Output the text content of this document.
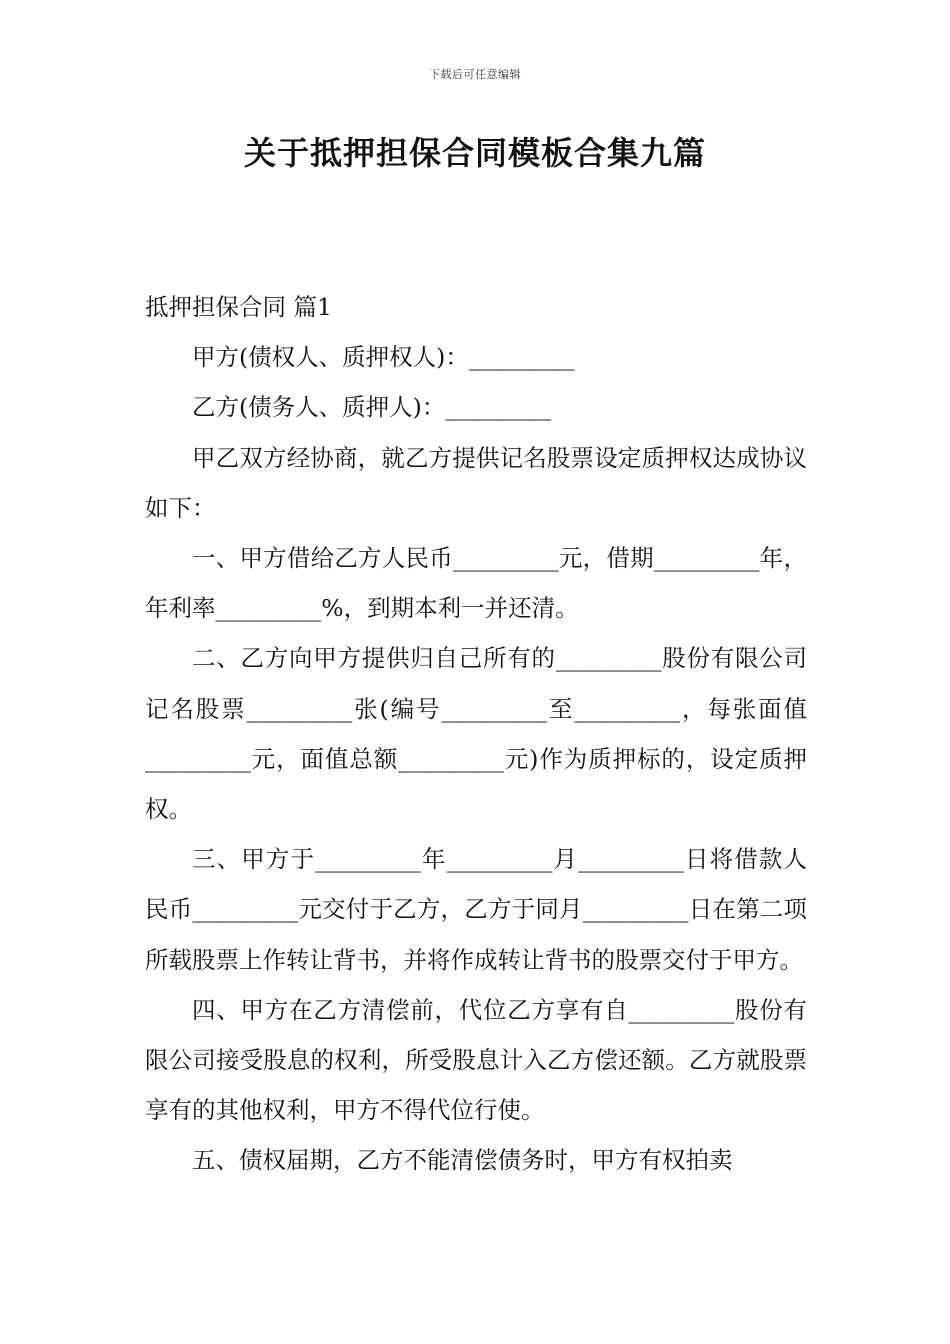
下载后可任意编辑
关于抵押担保合同模板合集九篇

抵押担保合同 篇1

甲方(债权人、质押权人)：_________

乙方(债务人、质押人)：_________

甲乙双方经协商，就乙方提供记名股票设定质押权达成协议如下：

一、甲方借给乙方人民币_________元，借期_________年，年利率_________%，到期本利一并还清。

二、乙方向甲方提供归自己所有的_________股份有限公司记名股票_________张(编号_________至_________，每张面值_________元，面值总额_________元)作为质押标的，设定质押权。

三、甲方于_________年_________月_________日将借款人民币_________元交付于乙方，乙方于同月_________日在第二项所载股票上作转让背书，并将作成转让背书的股票交付于甲方。

四、甲方在乙方清偿前，代位乙方享有自_________股份有限公司接受股息的权利，所受股息计入乙方偿还额。乙方就股票享有的其他权利，甲方不得代位行使。

五、债权届期，乙方不能清偿债务时，甲方有权拍卖
